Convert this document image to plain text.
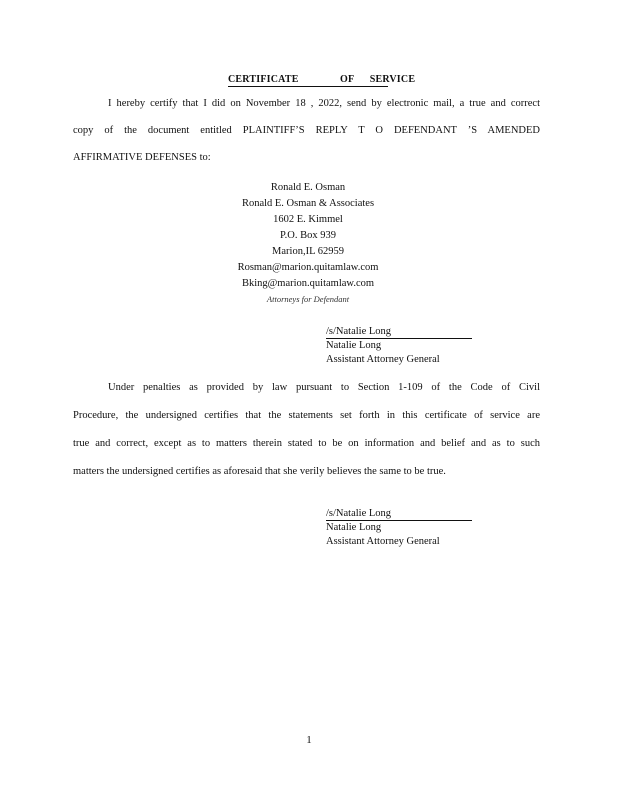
CERTIFICATE	OF SERVICE
I hereby certify that I did on November 18 , 2022, send by electronic mail, a true and correct
copy of the document entitled PLAINTIFF’S REPLY T O DEFENDANT ’S AMENDED
AFFIRMATIVE DEFENSES to:
Ronald E. Osman
Ronald E. Osman & Associates
1602 E. Kimmel
P.O. Box 939
Marion,IL 62959
Rosman@marion.quitamlaw.com
Bking@marion.quitamlaw.com
Attorneys for Defendant
/s/Natalie Long
Natalie Long
Assistant Attorney General
Under penalties as provided by law pursuant to Section 1-109 of the Code of Civil
Procedure, the undersigned certifies that the statements set forth in this certificate of service are
true and correct, except as to matters therein stated to be on information and belief and as to such
matters the undersigned certifies as aforesaid that she verily believes the same to be true.
/s/Natalie Long
Natalie Long
Assistant Attorney General
1
